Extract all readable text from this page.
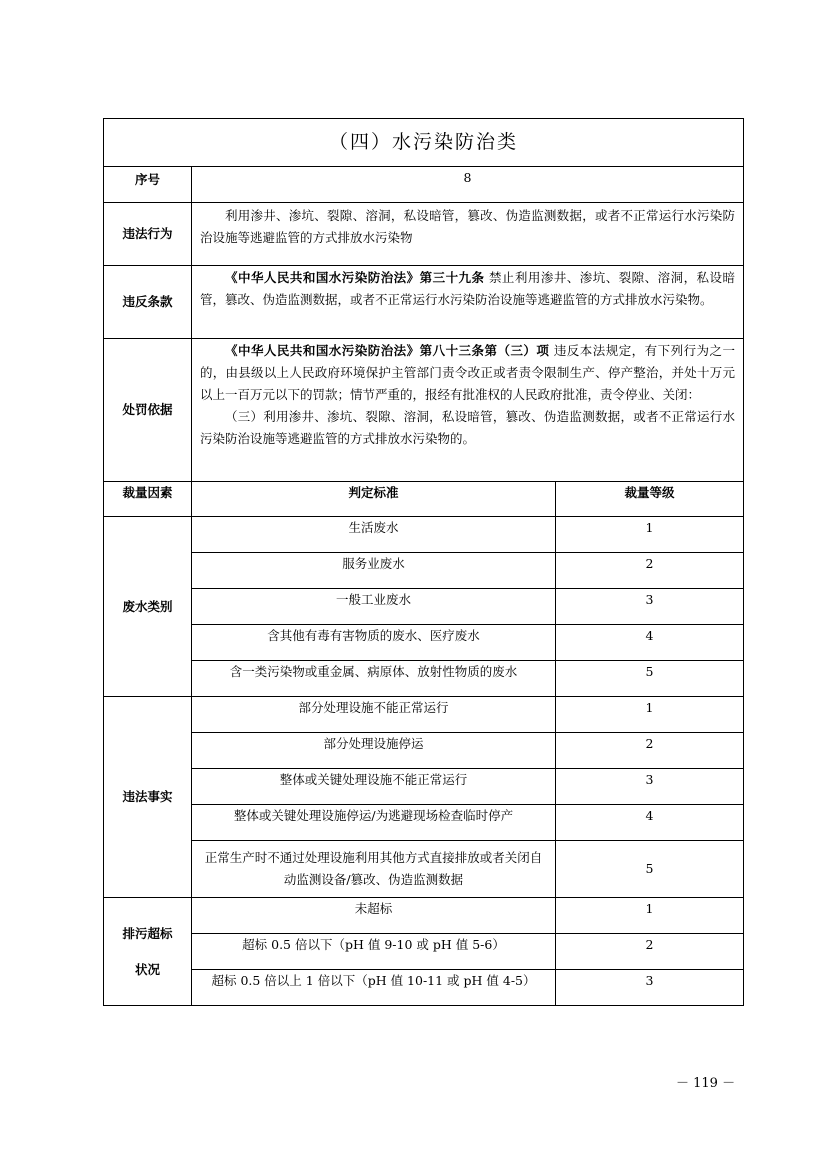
（四）水污染防治类		
序号	8	
违法行为	利用渗井、渗坑、裂隙、溶洞，私设暗管，篡改、伪造监测数据，或者不正常运行水污染防治设施等逃避监管的方式排放水污染物	

违反条款	《中华人民共和国水污染防治法》第三十九条 禁止利用渗井、渗坑、裂隙、溶洞，私设暗管，篡改、伪造监测数据，或者不正常运行水污染防治设施等逃避监管的方式排放水污染物。	

处罚依据	《中华人民共和国水污染防治法》第八十三条第（三）项 违反本法规定，有下列行为之一的，由县级以上人民政府环境保护主管部门责令改正或者责令限制生产、停产整治，并处十万元以上一百万元以下的罚款；情节严重的，报经有批准权的人民政府批准，责令停业、关闭：

（三）利用渗井、渗坑、裂隙、溶洞，私设暗管，篡改、伪造监测数据，或者不正常运行水污染防治设施等逃避监管的方式排放水污染物的。	

裁量因素	判定标准	裁量等级
废水类别	生活废水	1
	服务业废水	2
	一般工业废水	3
	含其他有毒有害物质的废水、医疗废水	4
	含一类污染物或重金属、病原体、放射性物质的废水	5
违法事实	部分处理设施不能正常运行	1
	部分处理设施停运	2
	整体或关键处理设施不能正常运行	3
	整体或关键处理设施停运/为逃避现场检查临时停产	4
	正常生产时不通过处理设施利用其他方式直接排放或者关闭自动监测设备/篡改、伪造监测数据	5

排污超标
状况	未超标	1
	超标 0.5 倍以下（pH 值 9-10 或 pH 值 5-6）	2
	超标 0.5 倍以上 1 倍以下（pH 值 10-11 或 pH 值 4-5）	3
－ 119 －
